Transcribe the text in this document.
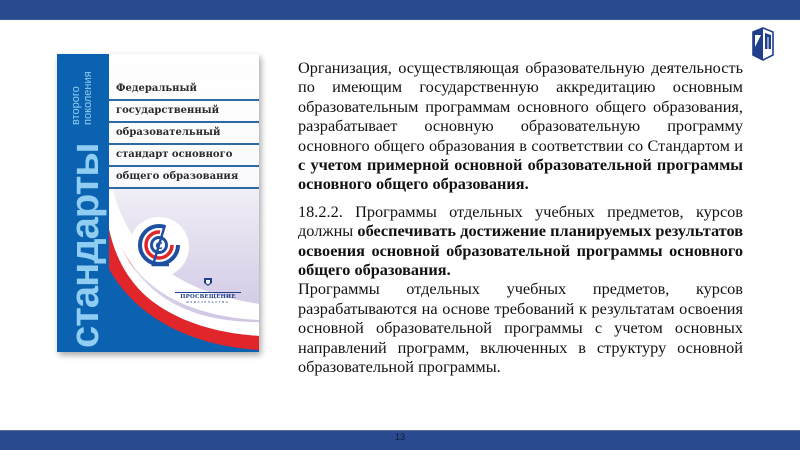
стандарты
второго поколения	Федеральный
государственный
образовательный
стандарт основного
общего образования
С
ПРОСВЕЩЕНИЕ
ИЗДАТЕЛЬСТВО

Организация, осуществляющая образовательную деятельность по имеющим государственную аккредитацию основным образовательным программам основного общего образования, разрабатывает основную образовательную программу основного общего образования в соответствии со Стандартом и с учетом примерной основной образовательной программы основного общего образования.

18.2.2. Программы отдельных учебных предметов, курсов должны обеспечивать достижение планируемых результатов освоения основной образовательной программы основного общего образования.

Программы отдельных учебных предметов, курсов разрабатываются на основе требований к результатам освоения основной образовательной программы с учетом основных направлений программ, включенных в структуру основной образовательной программы.

13
